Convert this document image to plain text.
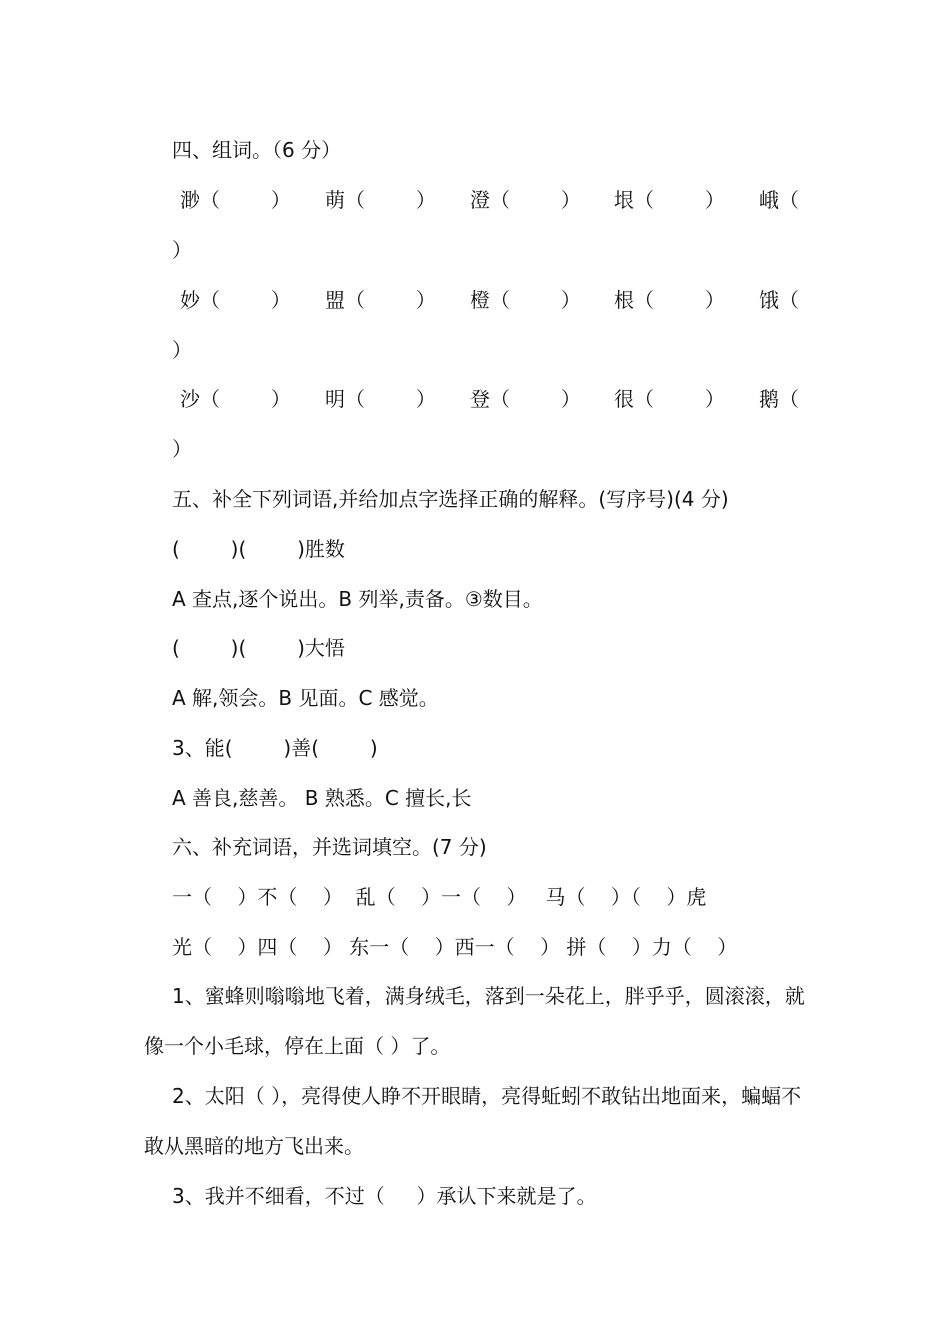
四、组词。（6 分）

渺（        ） 萌（        ） 澄（        ） 垠（        ） 峨（
）
妙（        ） 盟（        ） 橙（        ） 根（        ） 饿（
）
沙（        ） 明（        ） 登（        ） 很（        ） 鹅（
）

五、补全下列词语,并给加点字选择正确的解释。(写序号)(4 分)

(        )(        )胜数

A 查点,逐个说出。B 列举,责备。③数目。

(        )(        )大悟

A 解,领会。B 见面。C 感觉。

3、能(        )善(        )

A 善良,慈善。 B 熟悉。C 擅长,长

六、补充词语，并选词填空。(7 分)

一（    ）不（    ）  乱（    ）一（    ）   马（    ）（    ）虎

光（    ）四（    ） 东一（    ）西一（    ） 拼（    ）力（    ）

1、蜜蜂则嗡嗡地飞着，满身绒毛，落到一朵花上，胖乎乎，圆滚滚，就像一个小毛球，停在上面（ ）了。

2、太阳（ ），亮得使人睁不开眼睛，亮得蚯蚓不敢钻出地面来，蝙蝠不敢从黑暗的地方飞出来。

3、我并不细看，不过（     ）承认下来就是了。
